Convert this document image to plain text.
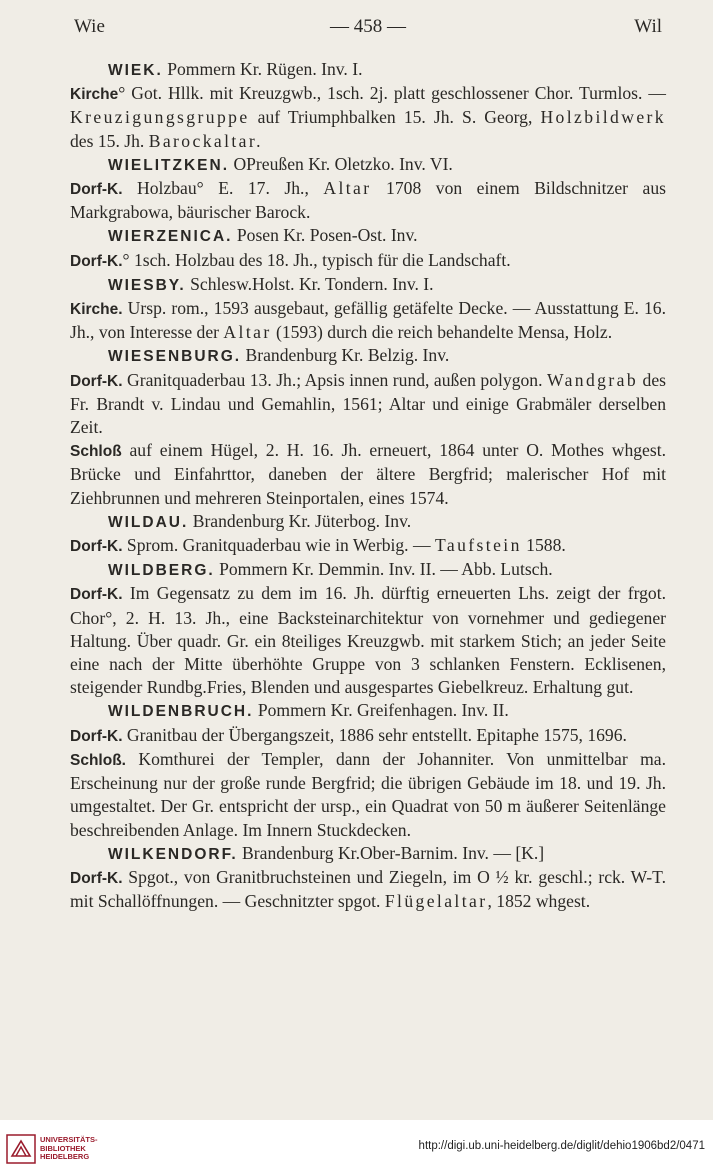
Wie	— 458 —	Wil
WIEK. Pommern Kr. Rügen. Inv. I.
Kirche° Got. Hllk. mit Kreuzgwb., 1sch. 2j. platt geschlossener Chor. Turmlos. — Kreuzigungsgruppe auf Triumphbalken 15. Jh. S. Georg, Holzbildwerk des 15. Jh. Barockaltar.
WIELITZKEN. OPreußen Kr. Oletzko. Inv. VI.
Dorf-K. Holzbau° E. 17. Jh., Altar 1708 von einem Bildschnitzer aus Markgrabowa, bäurischer Barock.
WIERZENICA. Posen Kr. Posen-Ost. Inv.
Dorf-K.° 1sch. Holzbau des 18. Jh., typisch für die Landschaft.
WIESBY. Schlesw.Holst. Kr. Tondern. Inv. I.
Kirche. Ursp. rom., 1593 ausgebaut, gefällig getäfelte Decke. — Ausstattung E. 16. Jh., von Interesse der Altar (1593) durch die reich behandelte Mensa, Holz.
WIESENBURG. Brandenburg Kr. Belzig. Inv.
Dorf-K. Granitquaderbau 13. Jh.; Apsis innen rund, außen polygon. Wandgrab des Fr. Brandt v. Lindau und Gemahlin, 1561; Altar und einige Grabmäler derselben Zeit.
Schloß auf einem Hügel, 2. H. 16. Jh. erneuert, 1864 unter O. Mothes whgest. Brücke und Einfahrttor, daneben der ältere Bergfrid; malerischer Hof mit Ziehbrunnen und mehreren Steinportalen, eines 1574.
WILDAU. Brandenburg Kr. Jüterbog. Inv.
Dorf-K. Sprom. Granitquaderbau wie in Werbig. — Taufstein 1588.
WILDBERG. Pommern Kr. Demmin. Inv. II. — Abb. Lutsch.
Dorf-K. Im Gegensatz zu dem im 16. Jh. dürftig erneuerten Lhs. zeigt der frgot. Chor°, 2. H. 13. Jh., eine Backsteinarchitektur von vornehmer und gediegener Haltung. Über quadr. Gr. ein 8teiliges Kreuzgwb. mit starkem Stich; an jeder Seite eine nach der Mitte überhöhte Gruppe von 3 schlanken Fenstern. Ecklisenen, steigender Rundbg.Fries, Blenden und ausgespartes Giebelkreuz. Erhaltung gut.
WILDENBRUCH. Pommern Kr. Greifenhagen. Inv. II.
Dorf-K. Granitbau der Übergangszeit, 1886 sehr entstellt. Epitaphe 1575, 1696.
Schloß. Komthurei der Templer, dann der Johanniter. Von unmittelbar ma. Erscheinung nur der große runde Bergfrid; die übrigen Gebäude im 18. und 19. Jh. umgestaltet. Der Gr. entspricht der ursp., ein Quadrat von 50 m äußerer Seitenlänge beschreibenden Anlage. Im Innern Stuckdecken.
WILKENDORF. Brandenburg Kr.Ober-Barnim. Inv. — [K.]
Dorf-K. Spgot., von Granitbruchsteinen und Ziegeln, im O ½ kr. geschl.; rck. W-T. mit Schallöffnungen. — Geschnitzter spgot. Flügelaltar, 1852 whgest.
UNIVERSITÄTS-
BIBLIOTHEK
HEIDELBERG
http://digi.ub.uni-heidelberg.de/diglit/dehio1906bd2/0471
